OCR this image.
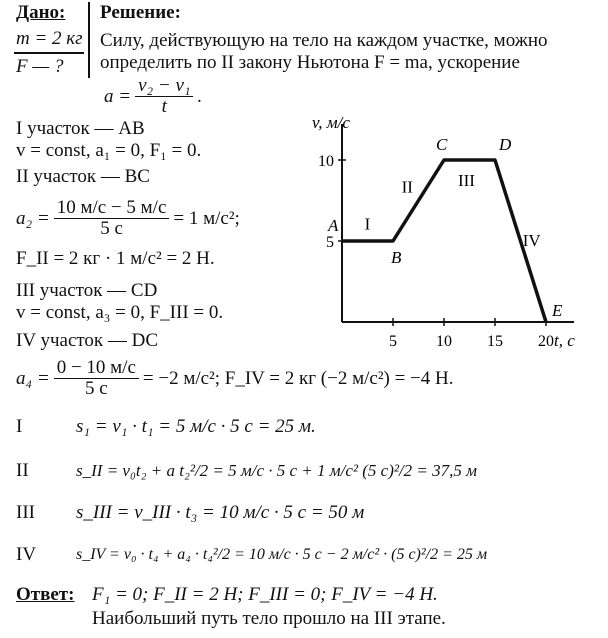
Дано:
m = 2 кг
F — ?
Решение:
Силу, действующую на тело на каждом участке, можно
определить по II закону Ньютона F = ma, ускорение
$a = \frac{\text{v₂ − v₁}}{t}$ .
I участок — AB
v = const, a₁ = 0, F₁ = 0.
II участок — BC
$a_2 = \frac{10 м/с - 5 м/с}{5 с} = 1$ м/с²;
F_II = 2 кг · 1 м/с² = 2 Н.
III участок — CD
v = const, a₃ = 0, F_III = 0.
IV участок — DC
$a_4 = \frac{0 - 10 м/с}{5 с} = -2$ м/с²; F_IV = 2 кг (−2 м/с²) = −4 Н.
I	s₁ = v₁ · t₁ = 5 м/с · 5 с = 25 м.
II	s_II = v₀t₂ + a t₂²/2 = 5 м/с · 5 с + 1 м/с² (5 с)²/2 = 37,5 м
III s_III = v_III · t₃ = 10 м/с · 5 с = 50 м
IV s_IV = v₀ · t₄ + a₄ · t₄²/2 = 10 м/с · 5 с − 2 м/с² · (5 с)²/2 = 25 м
Ответ: F₁ = 0; F_II = 2 Н; F_III = 0; F_IV = −4 Н.
Наибольший путь тело прошло на III этапе.
v, м/с
t, с
5 10 15 20
5
10
A
B
C	D
E
I
II	III
IV
